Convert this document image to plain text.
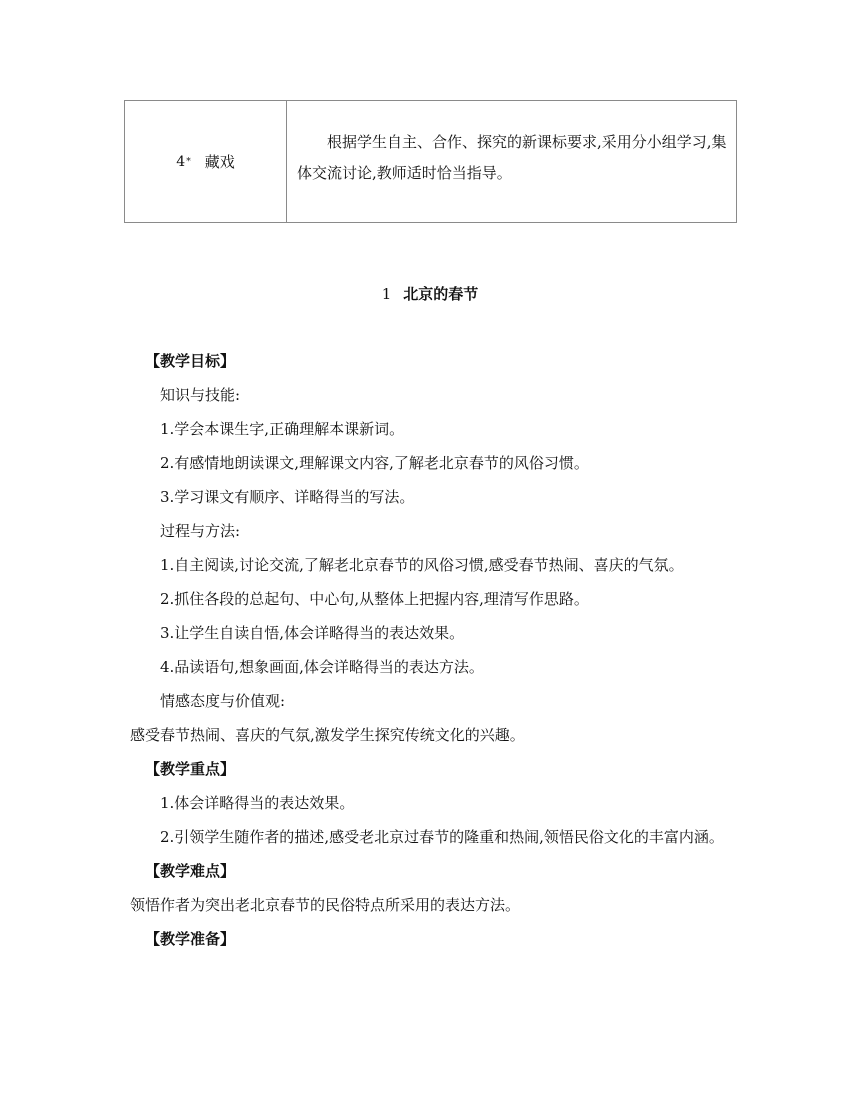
4 * 藏戏
根据学生自主、合作、探究的新课标要求,采用分小组学习,集体交流讨论,教师适时恰当指导。
1 北京的春节

【教学目标】

知识与技能:

1.学会本课生字,正确理解本课新词。

2.有感情地朗读课文,理解课文内容,了解老北京春节的风俗习惯。

3.学习课文有顺序、详略得当的写法。

过程与方法:

1.自主阅读,讨论交流,了解老北京春节的风俗习惯,感受春节热闹、喜庆的气氛。

2.抓住各段的总起句、中心句,从整体上把握内容,理清写作思路。

3.让学生自读自悟,体会详略得当的表达效果。

4.品读语句,想象画面,体会详略得当的表达方法。

情感态度与价值观:

感受春节热闹、喜庆的气氛,激发学生探究传统文化的兴趣。

【教学重点】

1.体会详略得当的表达效果。

2.引领学生随作者的描述,感受老北京过春节的隆重和热闹,领悟民俗文化的丰富内涵。

【教学难点】

领悟作者为突出老北京春节的民俗特点所采用的表达方法。

【教学准备】
